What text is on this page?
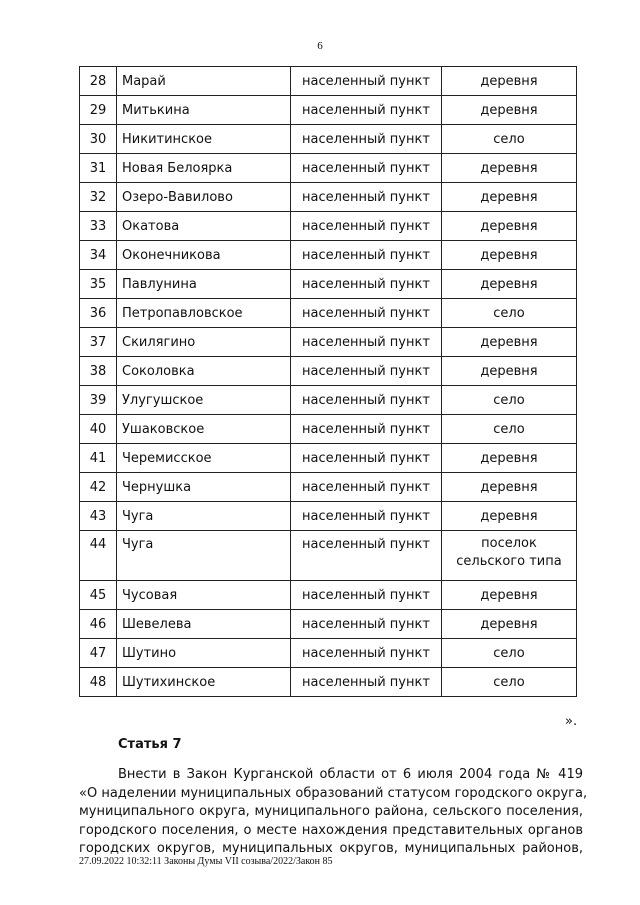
6
28	Марай	населенный пункт	деревня
29	Митькина	населенный пункт	деревня
30	Никитинское	населенный пункт	село
31	Новая Белоярка	населенный пункт	деревня
32	Озеро-Вавилово	населенный пункт	деревня
33	Окатова	населенный пункт	деревня
34	Оконечникова	населенный пункт	деревня
35	Павлунина	населенный пункт	деревня
36	Петропавловское	населенный пункт	село
37	Скилягино	населенный пункт	деревня
38	Соколовка	населенный пункт	деревня
39	Улугушское	населенный пункт	село
40	Ушаковское	населенный пункт	село
41	Черемисское	населенный пункт	деревня
42	Чернушка	населенный пункт	деревня
43	Чуга	населенный пункт	деревня
44	Чуга	населенный пункт	поселок
сельского типа

45	Чусовая	населенный пункт	деревня
46	Шевелева	населенный пункт	деревня
47	Шутино	населенный пункт	село
48	Шутихинское	населенный пункт	село
».
Статья 7
Внести в Закон Курганской области от 6 июля 2004 года № 419
«О наделении муниципальных образований статусом городского округа,
муниципального округа, муниципального района, сельского поселения,
городского поселения, о месте нахождения представительных органов
городских округов, муниципальных округов, муниципальных районов,
27.09.2022 10:32:11 Законы Думы VII созыва/2022/Закон 85
